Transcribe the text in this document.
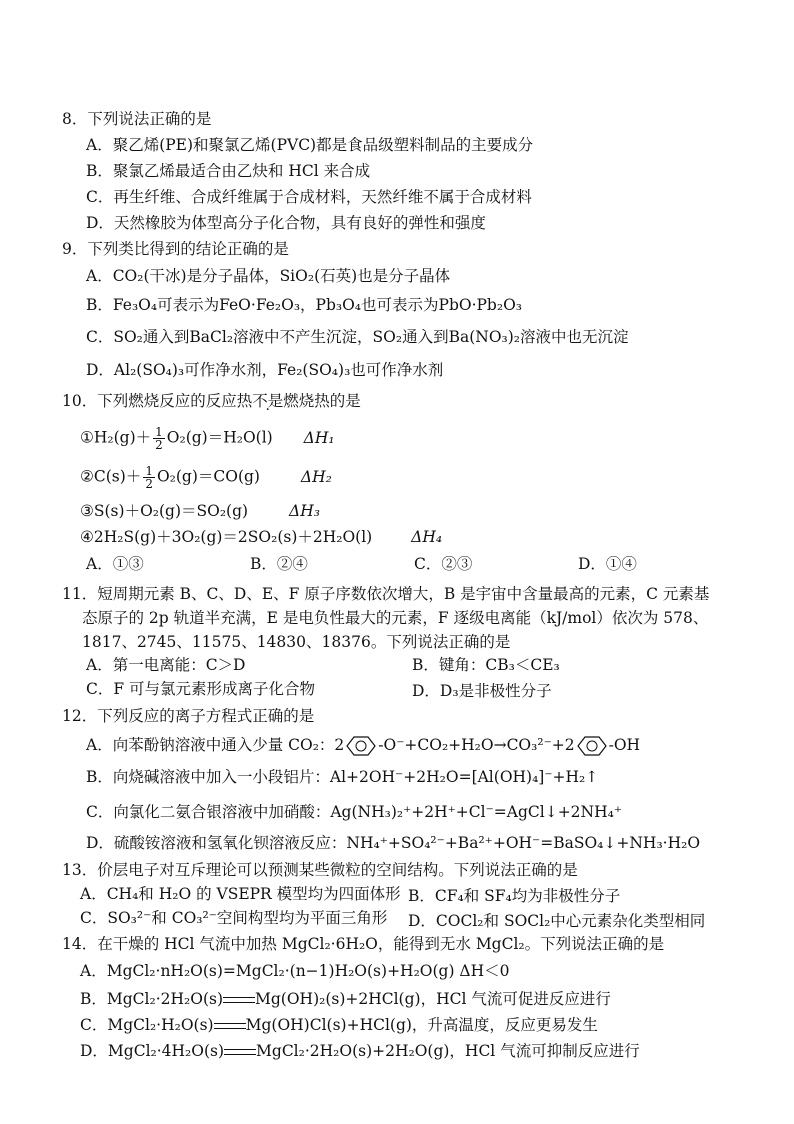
8．下列说法正确的是
A．聚乙烯(PE)和聚氯乙烯(PVC)都是食品级塑料制品的主要成分
B．聚氯乙烯最适合由乙炔和 HCl 来合成
C．再生纤维、合成纤维属于合成材料，天然纤维不属于合成材料
D．天然橡胶为体型高分子化合物，具有良好的弹性和强度
9．下列类比得到的结论正确的是
A．CO₂(干冰)是分子晶体，SiO₂(石英)也是分子晶体
B．Fe₃O₄可表示为FeO·Fe₂O₃，Pb₃O₄也可表示为PbO·Pb₂O₃
C．SO₂通入到BaCl₂溶液中不产生沉淀，SO₂通入到Ba(NO₃)₂溶液中也无沉淀
D．Al₂(SO₄)₃可作净水剂，Fe₂(SO₄)₃也可作净水剂
10．下列燃烧反应的反应热不是燃烧热的是
①H₂(g)＋ $\frac{1}{2} O_2(g)=H_2O(l)$ ΔH₁
②C(s)＋ $\frac{1}{2} O_2(g)=CO(g)$	ΔH₂
③S(s)＋O₂(g)＝SO₂(g)	ΔH₃
④2H₂S(g)＋3O₂(g)＝2SO₂(s)＋2H₂O(l)	ΔH₄
A．①③	B．②④	C．②③	D．①④
11．短周期元素 B、C、D、E、F 原子序数依次增大，B 是宇宙中含量最高的元素，C 元素基
态原子的 2p 轨道半充满，E 是电负性最大的元素，F 逐级电离能（kJ/mol）依次为 578、
1817、2745、11575、14830、18376。下列说法正确的是
A．第一电离能：C＞D	B．键角：CB₃＜CE₃
C．F 可与氯元素形成离子化合物	D．D₃是非极性分子
12．下列反应的离子方程式正确的是
A．向苯酚钠溶液中通入少量 CO₂：2 -O⁻+CO₂+H₂O→CO₃²⁻+2 -OH
B．向烧碱溶液中加入一小段铝片：Al+2OH⁻+2H₂O=[Al(OH)₄]⁻+H₂↑
C．向氯化二氨合银溶液中加硝酸：Ag(NH₃)₂⁺+2H⁺+Cl⁻=AgCl↓+2NH₄⁺
D．硫酸铵溶液和氢氧化钡溶液反应：NH₄⁺+SO₄²⁻+Ba²⁺+OH⁻=BaSO₄↓+NH₃·H₂O
13．价层电子对互斥理论可以预测某些微粒的空间结构。下列说法正确的是
A．CH₄和 H₂O 的 VSEPR 模型均为四面体形 B．CF₄和 SF₄均为非极性分子
C．SO₃²⁻和 CO₃²⁻空间构型均为平面三角形 D．COCl₂和 SOCl₂中心元素杂化类型相同
14．在干燥的 HCl 气流中加热 MgCl₂·6H₂O，能得到无水 MgCl₂。下列说法正确的是
A．MgCl₂·nH₂O(s)=MgCl₂·(n−1)H₂O(s)+H₂O(g) ΔH＜0
B．MgCl₂·2H₂O(s) Mg(OH)₂(s)+2HCl(g)，HCl 气流可促进反应进行
C．MgCl₂·H₂O(s) Mg(OH)Cl(s)+HCl(g)，升高温度，反应更易发生
D．MgCl₂·4H₂O(s) MgCl₂·2H₂O(s)+2H₂O(g)，HCl 气流可抑制反应进行
